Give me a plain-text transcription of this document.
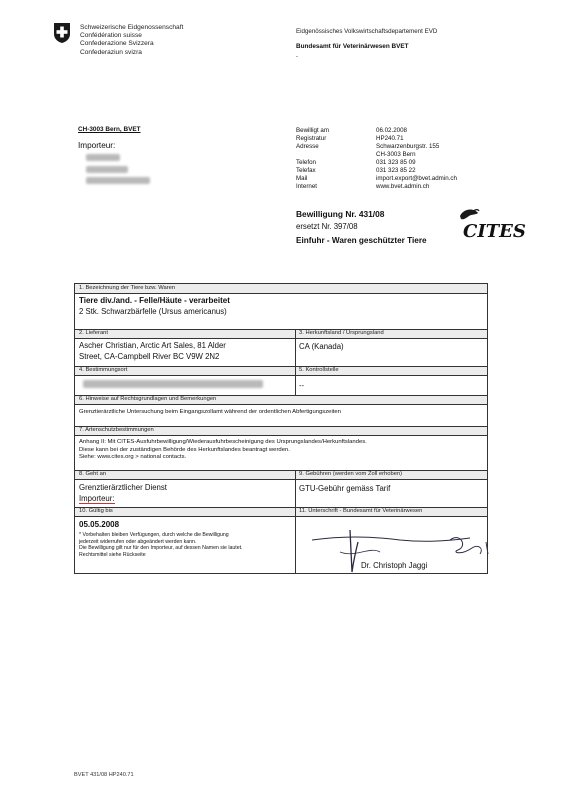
Schweizerische Eidgenossenschaft
Confédération suisse
Confederazione Svizzera
Confederaziun svizra
Eidgenössisches Volkswirtschaftsdepartement EVD
Bundesamt für Veterinärwesen BVET
-
CH-3003 Bern, BVET
Importeur:
Bewilligt am
Registratur
Adresse
Telefon
Telefax
Mail
Internet
06.02.2008
HP240.71
Schwarzenburgstr. 155
CH-3003 Bern
031 323 85 09
031 323 85 22
import.export@bvet.admin.ch
www.bvet.admin.ch
Bewilligung Nr. 431/08
ersetzt Nr. 397/08
Einfuhr - Waren geschützter Tiere CITES
1. Bezeichnung der Tiere bzw. Waren
Tiere div./and. - Felle/Häute - verarbeitet
2 Stk. Schwarzbärfelle (Ursus americanus)
2. Lieferant
Ascher Christian, Arctic Art Sales, 81 Alder
Street, CA-Campbell River BC V9W 2N2
3. Herkunftsland / Ursprungsland
CA (Kanada)
4. Bestimmungsort	5. Kontrollstelle
--
6. Hinweise auf Rechtsgrundlagen und Bemerkungen
Grenztierärztliche Untersuchung beim Eingangszollamt während der ordentlichen Abfertigungszeiten
7. Artenschutzbestimmungen
Anhang II: Mit CITES-Ausfuhrbewilligung/Wiederausfuhrbescheinigung des Ursprungslandes/Herkunftslandes.
Diese kann bei der zuständigen Behörde des Herkunftslandes beantragt werden.
Siehe: www.cites.org > national contacts.
8. Geht an
Grenztierärztlicher Dienst
Importeur:
9. Gebühren (werden vom Zoll erhoben)
GTU-Gebühr gemäss Tarif
10. Gültig bis
05.05.2008
* Vorbehalten bleiben Verfügungen, durch welche die Bewilligung
jederzeit widerrufen oder abgeändert werden kann.
Die Bewilligung gilt nur für den Importeur, auf dessen Namen sie lautet.
Rechtsmittel siehe Rückseite
11. Unterschrift - Bundesamt für Veterinärwesen
Dr. Christoph Jaggi
BVET 431/08 HP240.71
